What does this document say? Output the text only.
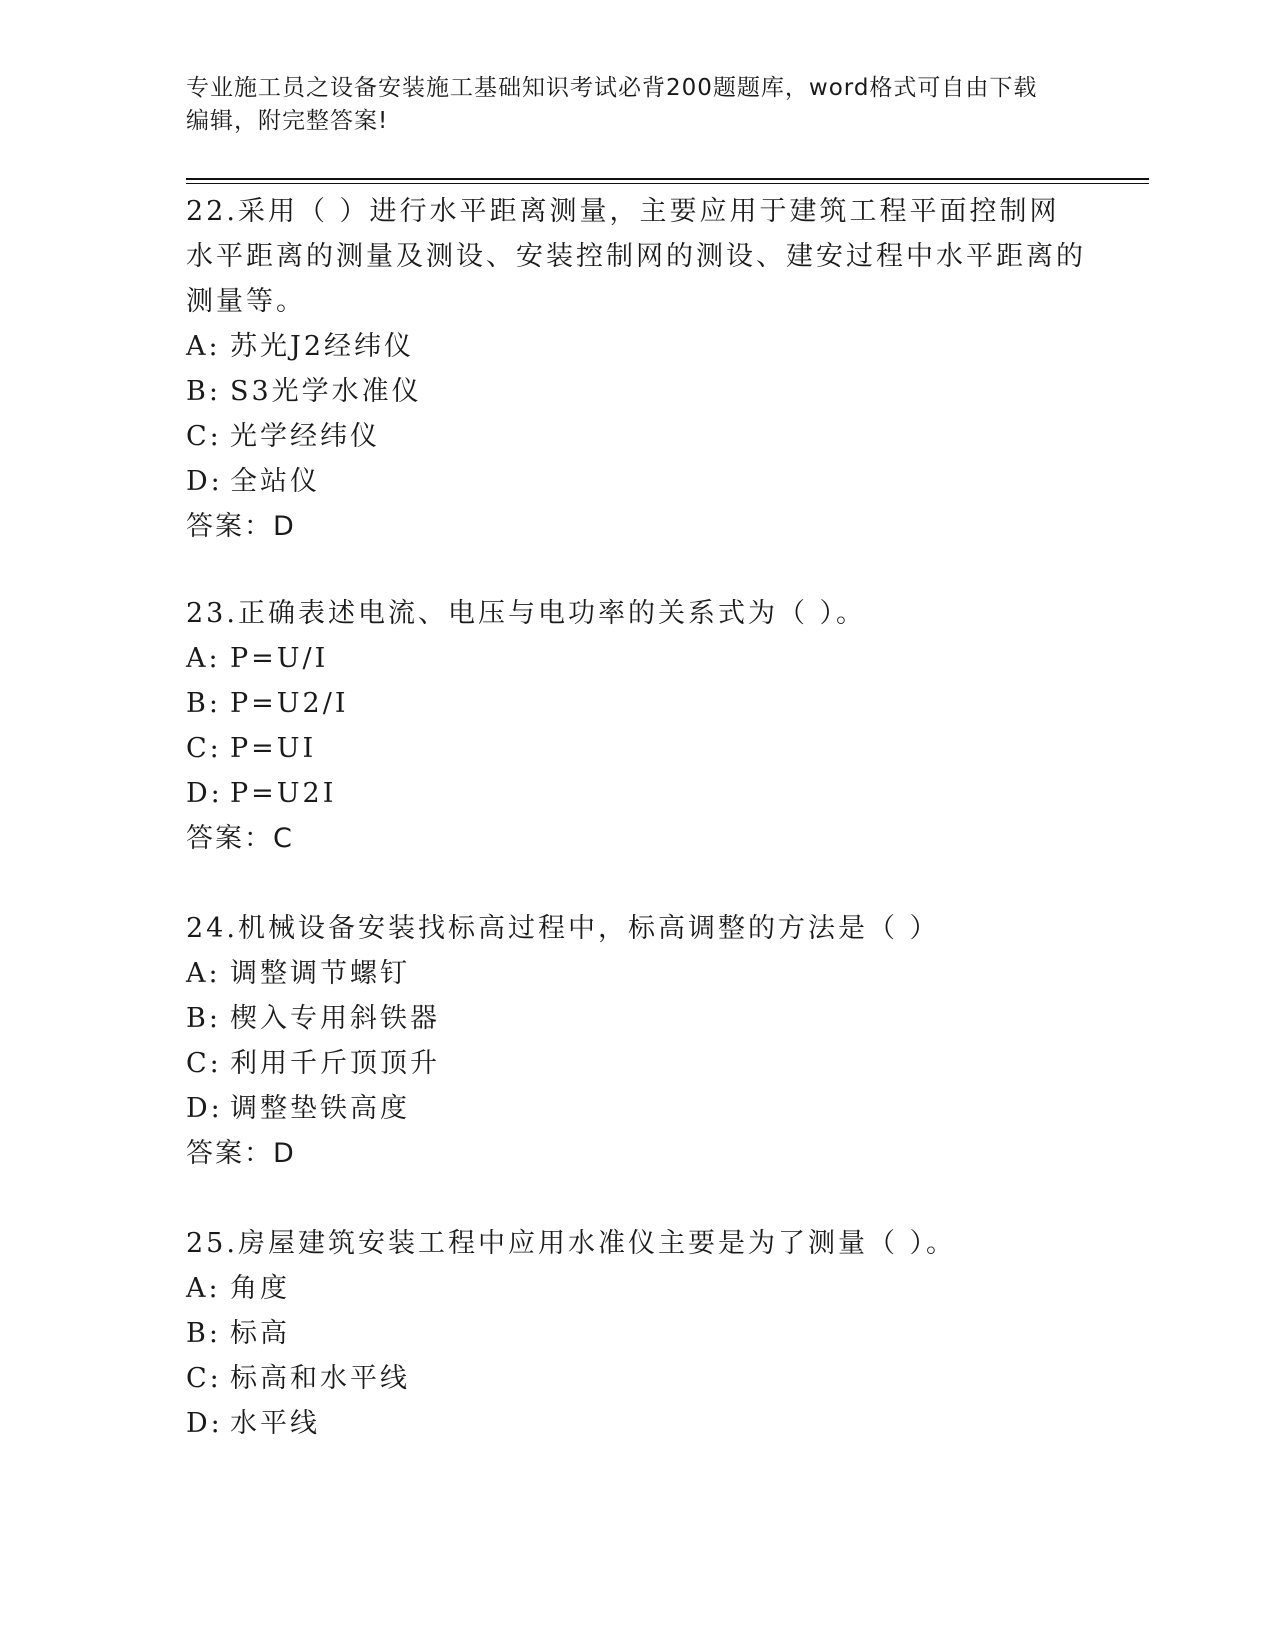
专业施工员之设备安装施工基础知识考试必背200题题库，word格式可自由下载
编辑，附完整答案!

22.采用（ ）进行水平距离测量，主要应用于建筑工程平面控制网水平距离的测量及测设、安装控制网的测设、建安过程中水平距离的测量等。

A: 苏光J2经纬仪

B: S3光学水准仪

C: 光学经纬仪

D: 全站仪

答案：D

23.正确表述电流、电压与电功率的关系式为（ ）。

A: P=U/I

B: P=U2/I

C: P=UI

D: P=U2I

答案：C

24.机械设备安装找标高过程中，标高调整的方法是（ ）

A: 调整调节螺钉

B: 楔入专用斜铁器

C: 利用千斤顶顶升

D: 调整垫铁高度

答案：D

25.房屋建筑安装工程中应用水准仪主要是为了测量（ ）。

A: 角度

B: 标高

C: 标高和水平线

D: 水平线
